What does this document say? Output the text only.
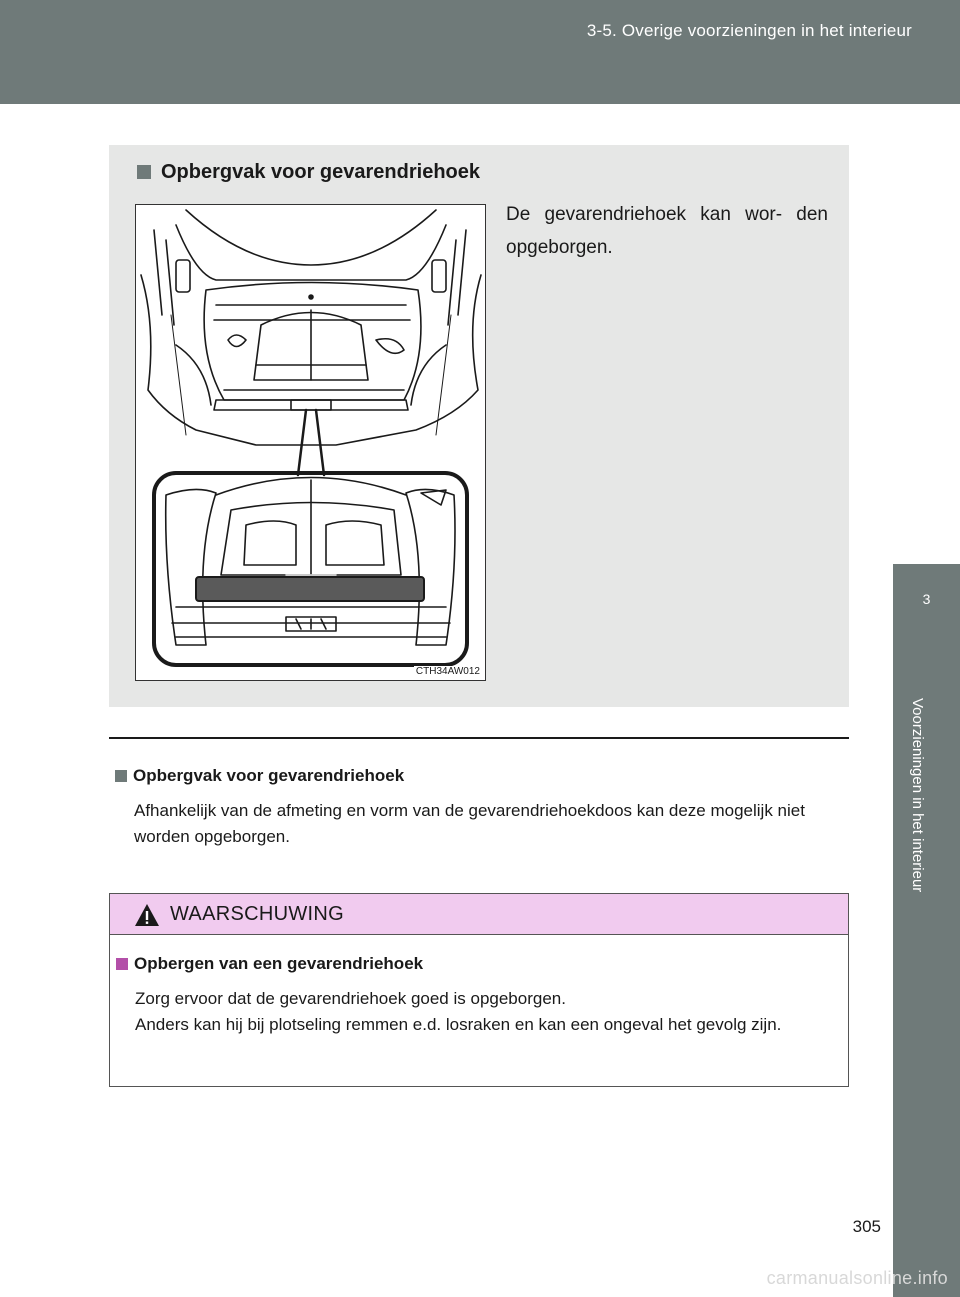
3-5. Overige voorzieningen in het interieur
3
Voorzieningen in het interieur
Opbergvak voor gevarendriehoek
CTH34AW012
De gevarendriehoek kan wor- den opgeborgen.
Opbergvak voor gevarendriehoek
Afhankelijk van de afmeting en vorm van de gevarendriehoekdoos kan deze mogelijk niet worden opgeborgen.
WAARSCHUWING
Opbergen van een gevarendriehoek
Zorg ervoor dat de gevarendriehoek goed is opgeborgen.
Anders kan hij bij plotseling remmen e.d. losraken en kan een ongeval het gevolg zijn.
305
carmanualsonline.info
